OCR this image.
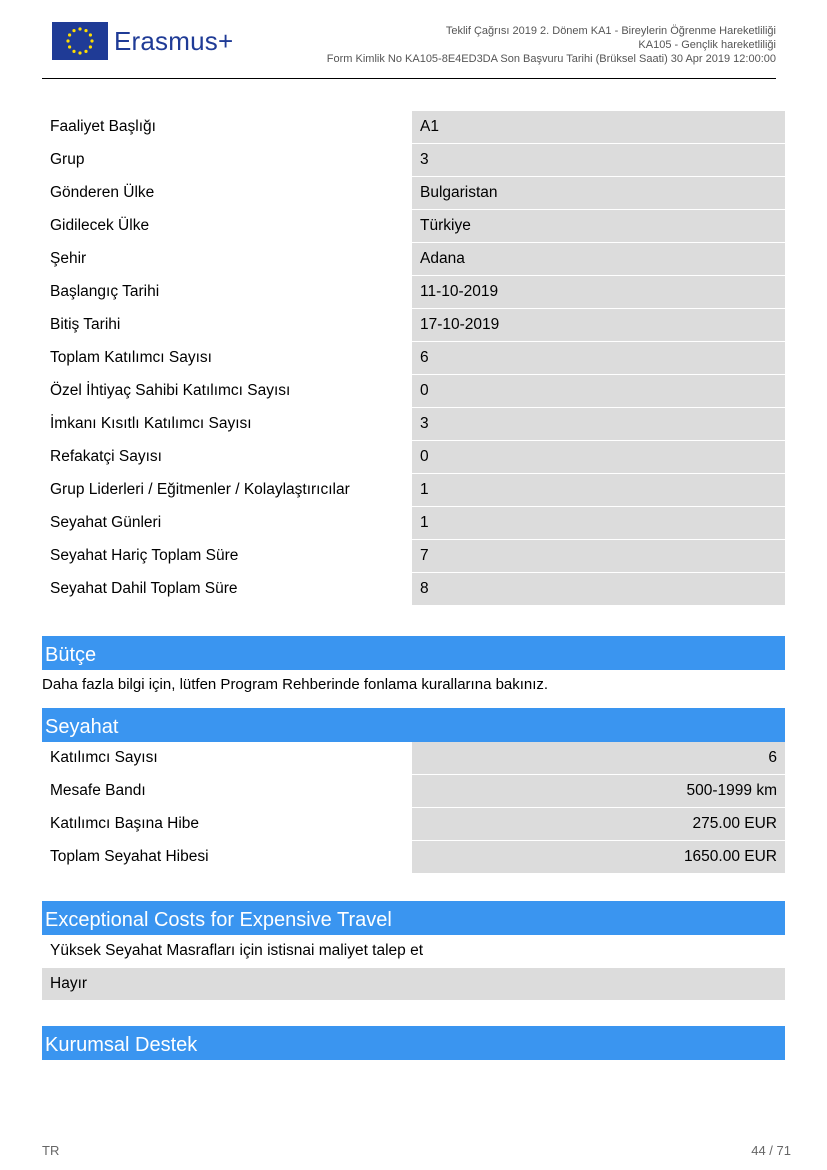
Erasmus+	Teklif Çağrısı 2019 2. Dönem KA1 - Bireylerin Öğrenme Hareketliliği
KA105 - Gençlik hareketliliği
Form Kimlik No KA105-8E4ED3DA Son Başvuru Tarihi (Brüksel Saati) 30 Apr 2019 12:00:00
Faaliyet Başlığı	A1
Grup	3
Gönderen Ülke	Bulgaristan
Gidilecek Ülke	Türkiye
Şehir	Adana
Başlangıç Tarihi	11-10-2019
Bitiş Tarihi	17-10-2019
Toplam Katılımcı Sayısı	6
Özel İhtiyaç Sahibi Katılımcı Sayısı	0
İmkanı Kısıtlı Katılımcı Sayısı	3
Refakatçi Sayısı	0
Grup Liderleri / Eğitmenler / Kolaylaştırıcılar	1
Seyahat Günleri	1
Seyahat Hariç Toplam Süre	7
Seyahat Dahil Toplam Süre	8
Bütçe
Daha fazla bilgi için, lütfen Program Rehberinde fonlama kurallarına bakınız.
Seyahat
Katılımcı Sayısı	6
Mesafe Bandı	500-1999 km
Katılımcı Başına Hibe	275.00 EUR
Toplam Seyahat Hibesi	1650.00 EUR
Exceptional Costs for Expensive Travel
Yüksek Seyahat Masrafları için istisnai maliyet talep et
Hayır
Kurumsal Destek
TR	44 / 71
